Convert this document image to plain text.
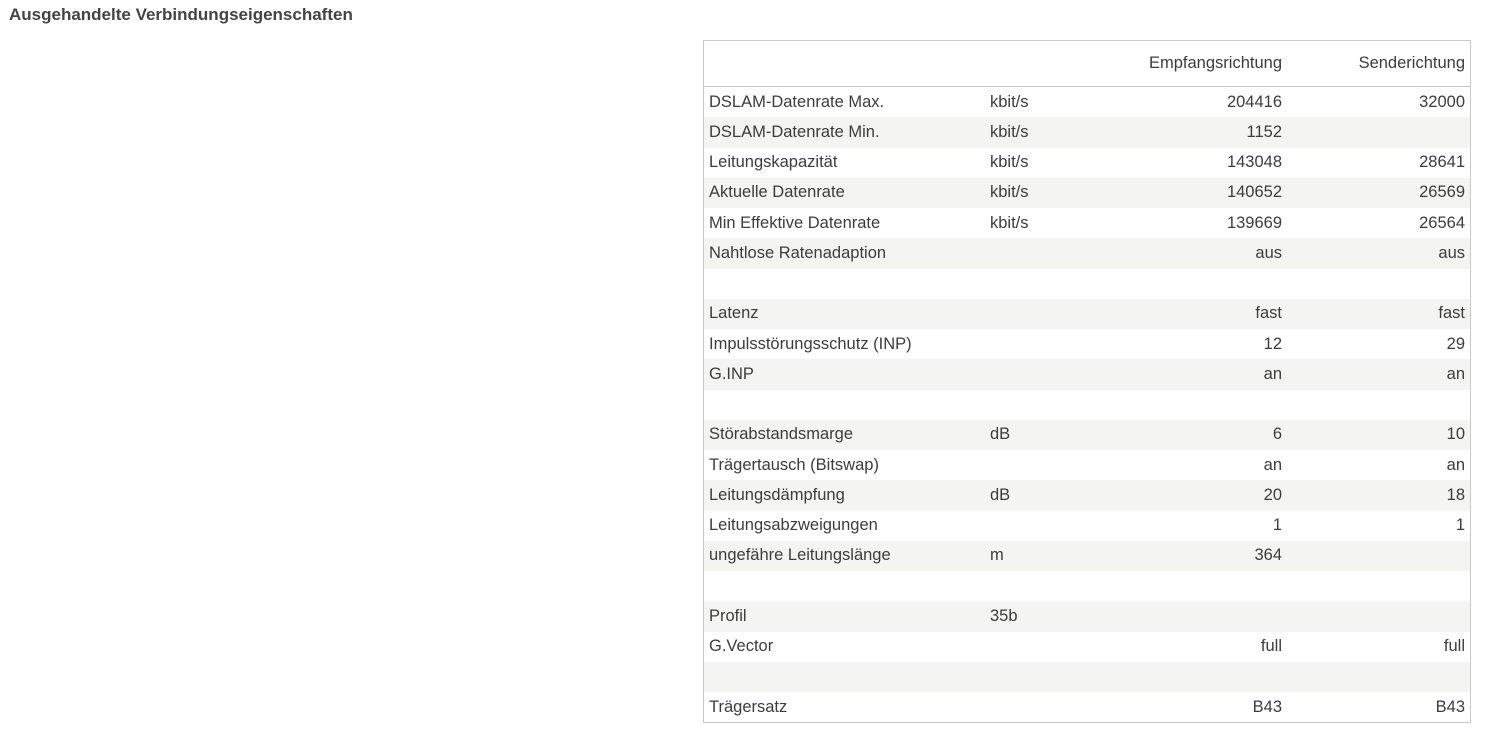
Ausgehandelte Verbindungseigenschaften
		Empfangsrichtung	Senderichtung
DSLAM-Datenrate Max.	kbit/s	204416	32000
DSLAM-Datenrate Min.	kbit/s	1152	
Leitungskapazität	kbit/s	143048	28641
Aktuelle Datenrate	kbit/s	140652	26569
Min Effektive Datenrate	kbit/s	139669	26564
Nahtlose Ratenadaption		aus	aus

Latenz		fast	fast
Impulsstörungsschutz (INP)		12	29
G.INP		an	an

Störabstandsmarge	dB	6	10
Trägertausch (Bitswap)		an	an
Leitungsdämpfung	dB	20	18
Leitungsabzweigungen		1	1
ungefähre Leitungslänge	m	364	

Profil	35b		
G.Vector		full	full

Trägersatz		B43	B43
